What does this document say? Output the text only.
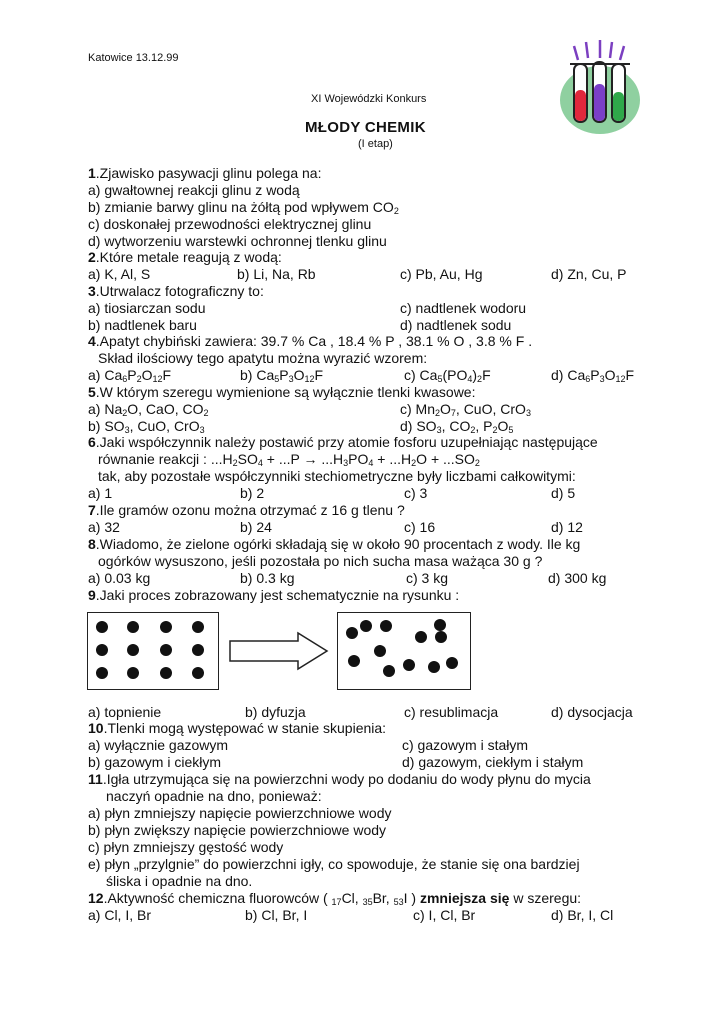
Katowice 13.12.99
XI Wojewódzki Konkurs
MŁODY CHEMIK
(I etap)
1.Zjawisko pasywacji glinu polega na:
a) gwałtownej reakcji glinu z wodą
b) zmianie barwy glinu na żółtą pod wpływem $CO_2$
c) doskonałej przewodności elektrycznej glinu
d) wytworzeniu warstewki ochronnej tlenku glinu
2.Które metale reagują z wodą:
a) K, Al, S	b) Li, Na, Rb	c) Pb, Au, Hg	d) Zn, Cu, P
3.Utrwalacz fotograficzny to:
a) tiosiarczan sodu	c) nadtlenek wodoru
b) nadtlenek baru	d) nadtlenek sodu
4.Apatyt chybiński zawiera: 39.7 % Ca , 18.4 % P , 38.1 % O , 3.8 % F .
Skład ilościowy tego apatytu można wyrazić wzorem:
a) $Ca_6P_2O_{12}F$	b) $Ca_5P_3O_{12}F$	c) $Ca_5(PO_4)_2F$	d) $Ca_6P_3O_{12}F$
5.W którym szeregu wymienione są wyłącznie tlenki kwasowe:
a) $Na_2O$, CaO, $CO_2$	c) $Mn_2O_7$, CuO, CrO$_3$
b) $SO_3$, CuO, CrO$_3$	d) $SO_3$, $CO_2$, $P_2O_5$
6.Jaki współczynnik należy postawić przy atomie fosforu uzupełniając następujące
równanie reakcji : $...H_2SO_4 + ...P \to ...H_3PO_4 + ...H_2O + ...SO_2$
tak, aby pozostałe współczynniki stechiometryczne były liczbami całkowitymi:
a) 1	b) 2	c) 3	d) 5
7.Ile gramów ozonu można otrzymać z 16 g tlenu ?
a) 32	b) 24	c) 16	d) 12
8.Wiadomo, że zielone ogórki składają się w około 90 procentach z wody. Ile kg
ogórków wysuszono, jeśli pozostała po nich sucha masa ważąca 30 g ?
a) 0.03 kg	b) 0.3 kg	c) 3 kg	d) 300 kg
9.Jaki proces zobrazowany jest schematycznie na rysunku :
a) topnienie	b) dyfuzja	c) resublimacja	d) dysocjacja
10.Tlenki mogą występować w stanie skupienia:
a) wyłącznie gazowym	c) gazowym i stałym
b) gazowym i ciekłym	d) gazowym, ciekłym i stałym
11.Igła utrzymująca się na powierzchni wody po dodaniu do wody płynu do mycia
naczyń opadnie na dno, ponieważ:
a) płyn zmniejszy napięcie powierzchniowe wody
b) płyn zwiększy napięcie powierzchniowe wody
c) płyn zmniejszy gęstość wody
e) płyn „przylgnie” do powierzchni igły, co spowoduje, że stanie się ona bardziej
śliska i opadnie na dno.
12.Aktywność chemiczna fluorowców ( $_{17}$Cl, $_{35}$Br, $_{53}$I ) zmniejsza się w szeregu:
a) Cl, I, Br	b) Cl, Br, I	c) I, Cl, Br	d) Br, I, Cl
